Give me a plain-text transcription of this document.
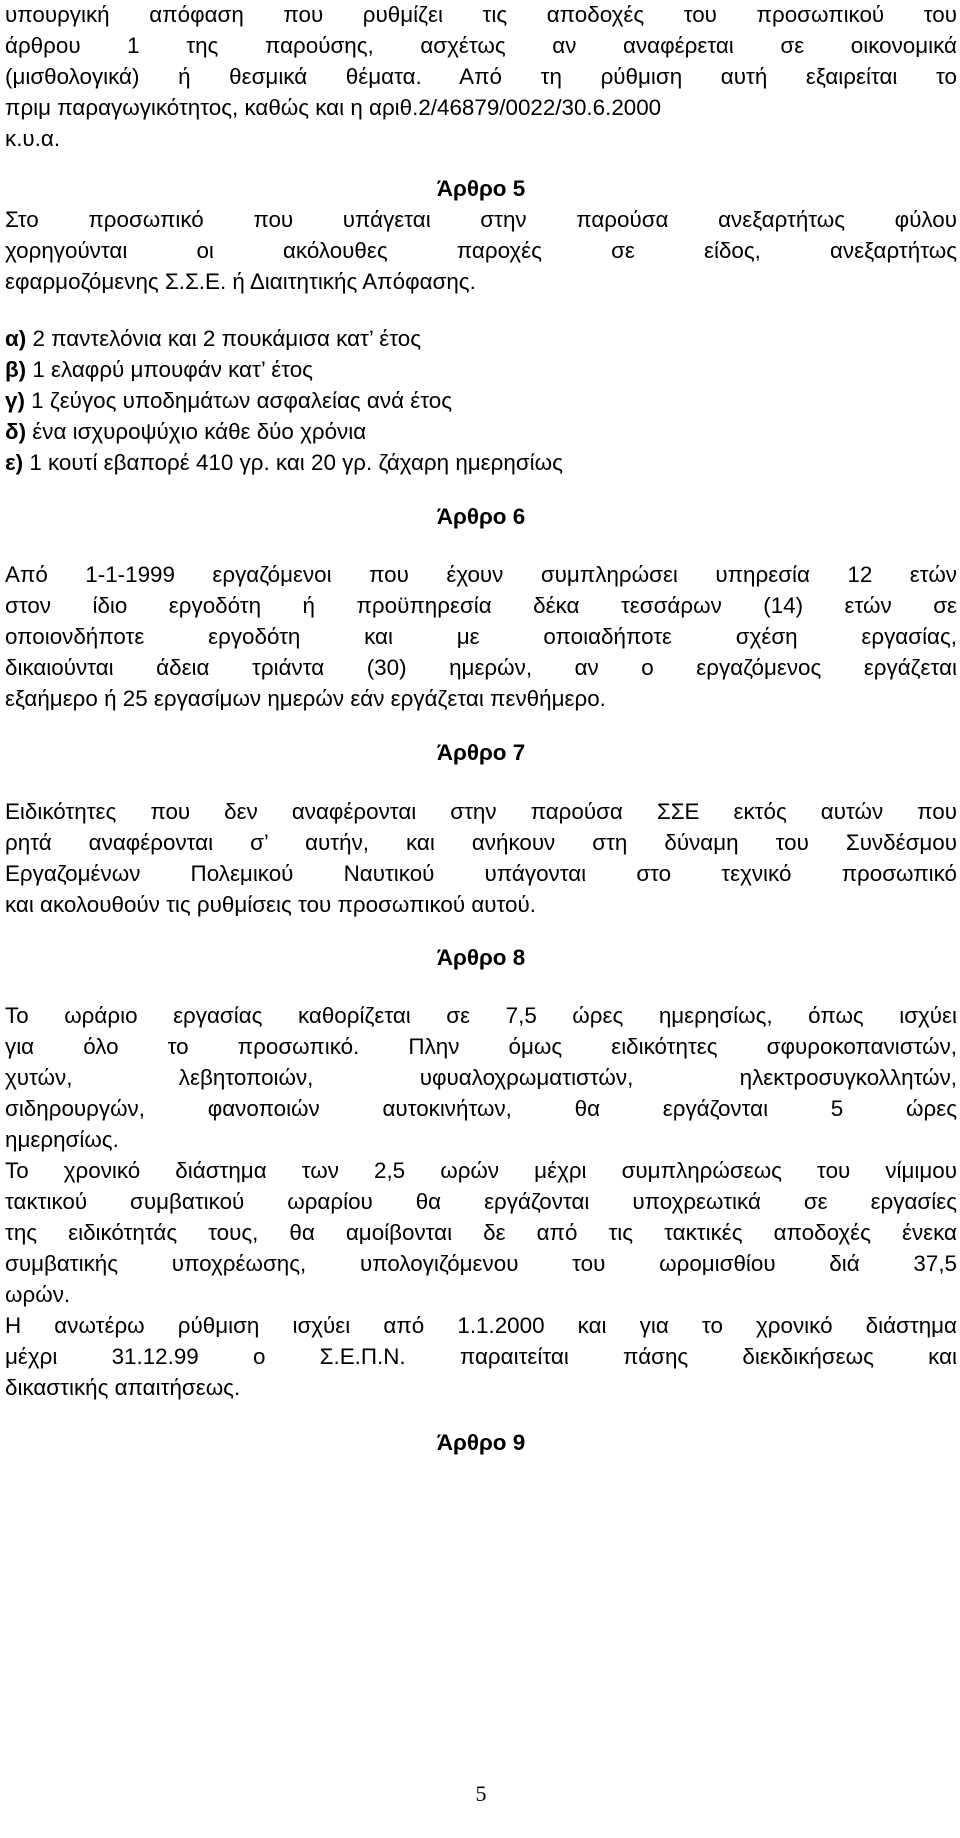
υπουργική απόφαση που ρυθμίζει τις αποδοχές του προσωπικού του
άρθρου 1 της παρούσης, ασχέτως αν αναφέρεται σε οικονομικά
(μισθολογικά) ή θεσμικά θέματα. Από τη ρύθμιση αυτή εξαιρείται το
πριμ παραγωγικότητος, καθώς και η αριθ.2/46879/0022/30.6.2000
κ.υ.α.
Άρθρο 5
Στο προσωπικό που υπάγεται στην παρούσα ανεξαρτήτως φύλου
χορηγούνται οι ακόλουθες παροχές σε είδος, ανεξαρτήτως
εφαρμοζόμενης Σ.Σ.Ε. ή Διαιτητικής Απόφασης.
α) 2 παντελόνια και 2 πουκάμισα κατ’ έτος
β) 1 ελαφρύ μπουφάν κατ’ έτος
γ) 1 ζεύγος υποδημάτων ασφαλείας ανά έτος
δ) ένα ισχυροψύχιο κάθε δύο χρόνια
ε) 1 κουτί εβαπορέ 410 γρ. και 20 γρ. ζάχαρη ημερησίως
Άρθρο 6
Από 1-1-1999 εργαζόμενοι που έχουν συμπληρώσει υπηρεσία 12 ετών
στον ίδιο εργοδότη ή προϋπηρεσία δέκα τεσσάρων (14) ετών σε
οποιονδήποτε εργοδότη και με οποιαδήποτε σχέση εργασίας,
δικαιούνται άδεια τριάντα (30) ημερών, αν ο εργαζόμενος εργάζεται
εξαήμερο ή 25 εργασίμων ημερών εάν εργάζεται πενθήμερο.
Άρθρο 7
Ειδικότητες που δεν αναφέρονται στην παρούσα ΣΣΕ εκτός αυτών που
ρητά αναφέρονται σ’ αυτήν, και ανήκουν στη δύναμη του Συνδέσμου
Εργαζομένων Πολεμικού Ναυτικού υπάγονται στο τεχνικό προσωπικό
και ακολουθούν τις ρυθμίσεις του προσωπικού αυτού.
Άρθρο 8
Το ωράριο εργασίας καθορίζεται σε 7,5 ώρες ημερησίως, όπως ισχύει
για όλο το προσωπικό. Πλην όμως ειδικότητες σφυροκοπανιστών,
χυτών, λεβητοποιών, υφυαλοχρωματιστών, ηλεκτροσυγκολλητών,
σιδηρουργών, φανοποιών αυτοκινήτων, θα εργάζονται 5 ώρες
ημερησίως.
Το χρονικό διάστημα των 2,5 ωρών μέχρι συμπληρώσεως του νίμιμου
τακτικού συμβατικού ωραρίου θα εργάζονται υποχρεωτικά σε εργασίες
της ειδικότητάς τους, θα αμοίβονται δε από τις τακτικές αποδοχές ένεκα
συμβατικής υποχρέωσης, υπολογιζόμενου του ωρομισθίου διά 37,5
ωρών.
Η ανωτέρω ρύθμιση ισχύει από 1.1.2000 και για το χρονικό διάστημα
μέχρι 31.12.99 ο Σ.Ε.Π.Ν. παραιτείται πάσης διεκδικήσεως και
δικαστικής απαιτήσεως.
Άρθρο 9
5
